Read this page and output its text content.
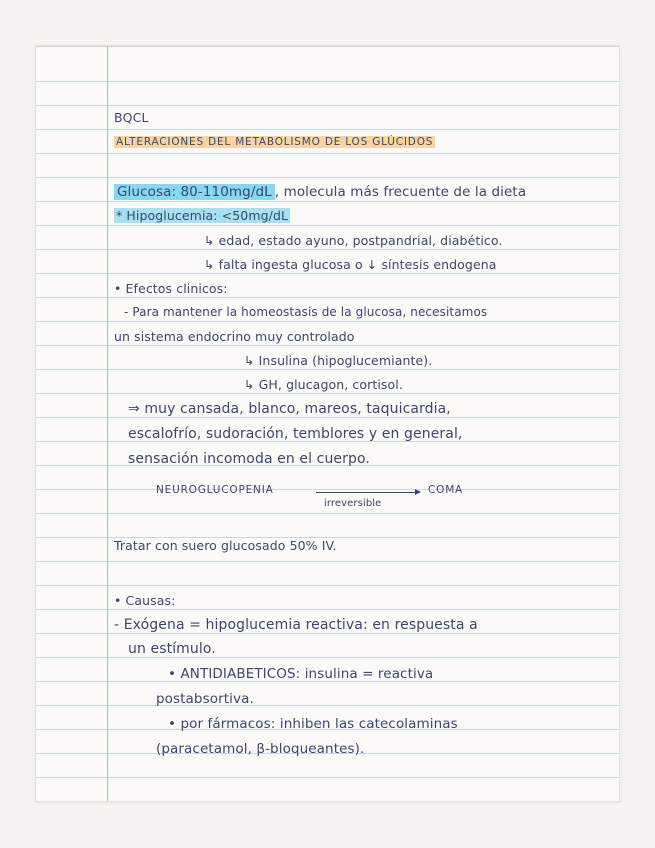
BQCL
ALTERACIONES DEL METABOLISMO DE LOS GLÚCIDOS
Glucosa: 80-110mg/dL , molecula más frecuente de la dieta
* Hipoglucemia: <50mg/dL
↳ edad, estado ayuno, postpandrial, diabético.
↳ falta ingesta glucosa o ↓ síntesis endogena
• Efectos clinicos:
- Para mantener la homeostasis de la glucosa, necesitamos
un sistema endocrino muy controlado
↳ Insulina (hipoglucemiante).
↳ GH, glucagon, cortisol.
⇒ muy cansada, blanco, mareos, taquicardia,
escalofrío, sudoración, temblores y en general,
sensación incomoda en el cuerpo.
NEUROGLUCOPENIA	COMA
irreversible
Tratar con suero glucosado 50% IV.
• Causas:
- Exógena = hipoglucemia reactiva: en respuesta a
un estímulo.
• ANTIDIABETICOS: insulina = reactiva
postabsortiva.
• por fármacos: inhiben las catecolaminas
(paracetamol, β-bloqueantes).
